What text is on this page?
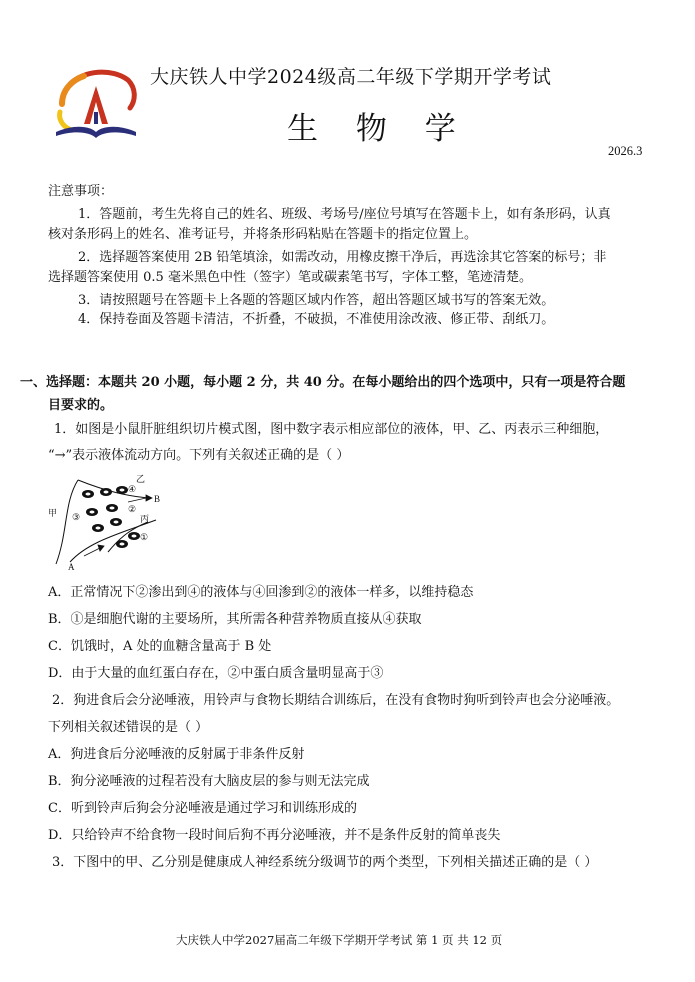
大庆铁人中学2024级高二年级下学期开学考试
生 物 学
2026.3
注意事项：
1．答题前，考生先将自己的姓名、班级、考场号/座位号填写在答题卡上，如有条形码，认真
核对条形码上的姓名、准考证号，并将条形码粘贴在答题卡的指定位置上。
2．选择题答案使用 2B 铅笔填涂，如需改动，用橡皮擦干净后，再选涂其它答案的标号；非
选择题答案使用 0.5 毫米黑色中性（签字）笔或碳素笔书写，字体工整，笔迹清楚。
3．请按照题号在答题卡上各题的答题区域内作答，超出答题区域书写的答案无效。
4．保持卷面及答题卡清洁，不折叠，不破损，不准使用涂改液、修正带、刮纸刀。
一、选择题：本题共 20 小题，每小题 2 分，共 40 分。在每小题给出的四个选项中，只有一项是符合题
目要求的。
1．如图是小鼠肝脏组织切片模式图，图中数字表示相应部位的液体，甲、乙、丙表示三种细胞，
“→”表示液体流动方向。下列有关叙述正确的是（ ）
甲
乙
丙
A
B
①
②
③
④
A．正常情况下②渗出到④的液体与④回渗到②的液体一样多，以维持稳态
B．①是细胞代谢的主要场所，其所需各种营养物质直接从④获取
C．饥饿时，A 处的血糖含量高于 B 处
D．由于大量的血红蛋白存在，②中蛋白质含量明显高于③
2．狗进食后会分泌唾液，用铃声与食物长期结合训练后，在没有食物时狗听到铃声也会分泌唾液。
下列相关叙述错误的是（ ）
A．狗进食后分泌唾液的反射属于非条件反射
B．狗分泌唾液的过程若没有大脑皮层的参与则无法完成
C．听到铃声后狗会分泌唾液是通过学习和训练形成的
D．只给铃声不给食物一段时间后狗不再分泌唾液，并不是条件反射的简单丧失
3．下图中的甲、乙分别是健康成人神经系统分级调节的两个类型，下列相关描述正确的是（ ）
大庆铁人中学2027届高二年级下学期开学考试 第 1 页 共 12 页
